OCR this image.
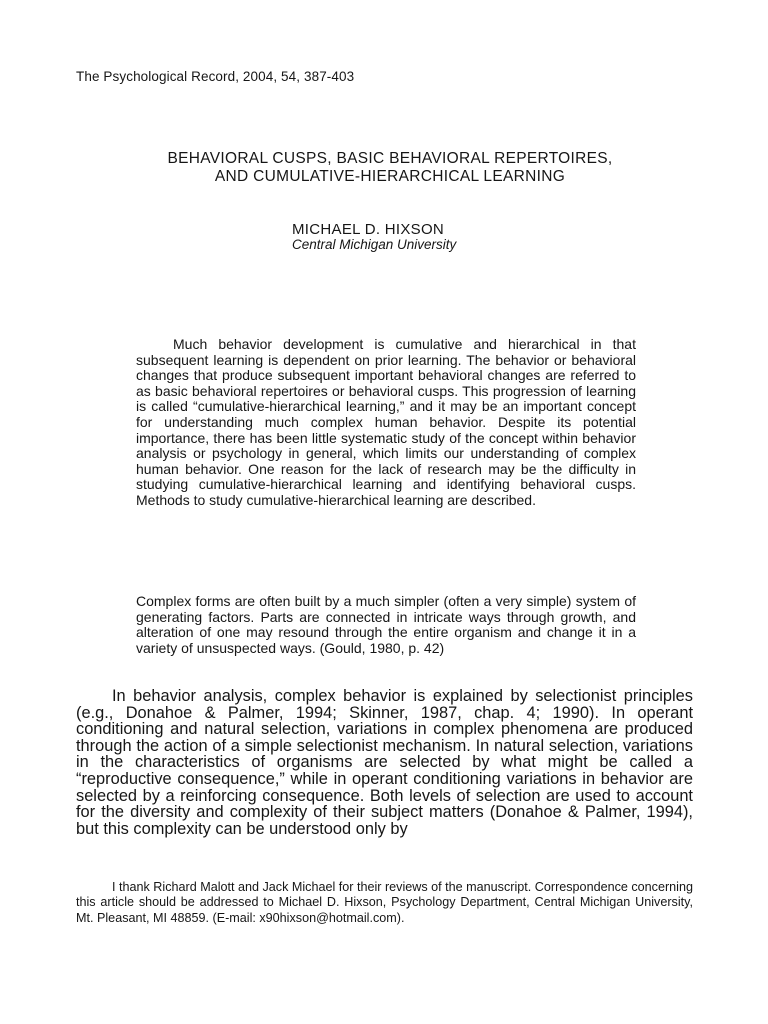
The Psychological Record, 2004, 54, 387-403
BEHAVIORAL CUSPS, BASIC BEHAVIORAL REPERTOIRES,
AND CUMULATIVE-HIERARCHICAL LEARNING
MICHAEL D. HIXSON
Central Michigan University

Much behavior development is cumulative and hierarchical in that subsequent learning is dependent on prior learning. The behavior or behavioral changes that produce subsequent important behavioral changes are referred to as basic behavioral repertoires or behavioral cusps. This progression of learning is called “cumulative-hierarchical learning,” and it may be an important concept for understanding much complex human behavior. Despite its potential importance, there has been little systematic study of the concept within behavior analysis or psychology in general, which limits our understanding of complex human behavior. One reason for the lack of research may be the difficulty in studying cumulative-hierarchical learning and identifying behavioral cusps. Methods to study cumulative-hierarchical learning are described.

Complex forms are often built by a much simpler (often a very simple) system of generating factors. Parts are connected in intricate ways through growth, and alteration of one may resound through the entire organism and change it in a variety of unsuspected ways. (Gould, 1980, p. 42)

In behavior analysis, complex behavior is explained by selectionist principles (e.g., Donahoe & Palmer, 1994; Skinner, 1987, chap. 4; 1990). In operant conditioning and natural selection, variations in complex phenomena are produced through the action of a simple selectionist mechanism. In natural selection, variations in the characteristics of organisms are selected by what might be called a “reproductive consequence,” while in operant conditioning variations in behavior are selected by a reinforcing consequence. Both levels of selection are used to account for the diversity and complexity of their subject matters (Donahoe & Palmer, 1994), but this complexity can be understood only by

I thank Richard Malott and Jack Michael for their reviews of the manuscript. Correspondence concerning this article should be addressed to Michael D. Hixson, Psychology Department, Central Michigan University, Mt. Pleasant, MI 48859. (E-mail: x90hixson@hotmail.com).
